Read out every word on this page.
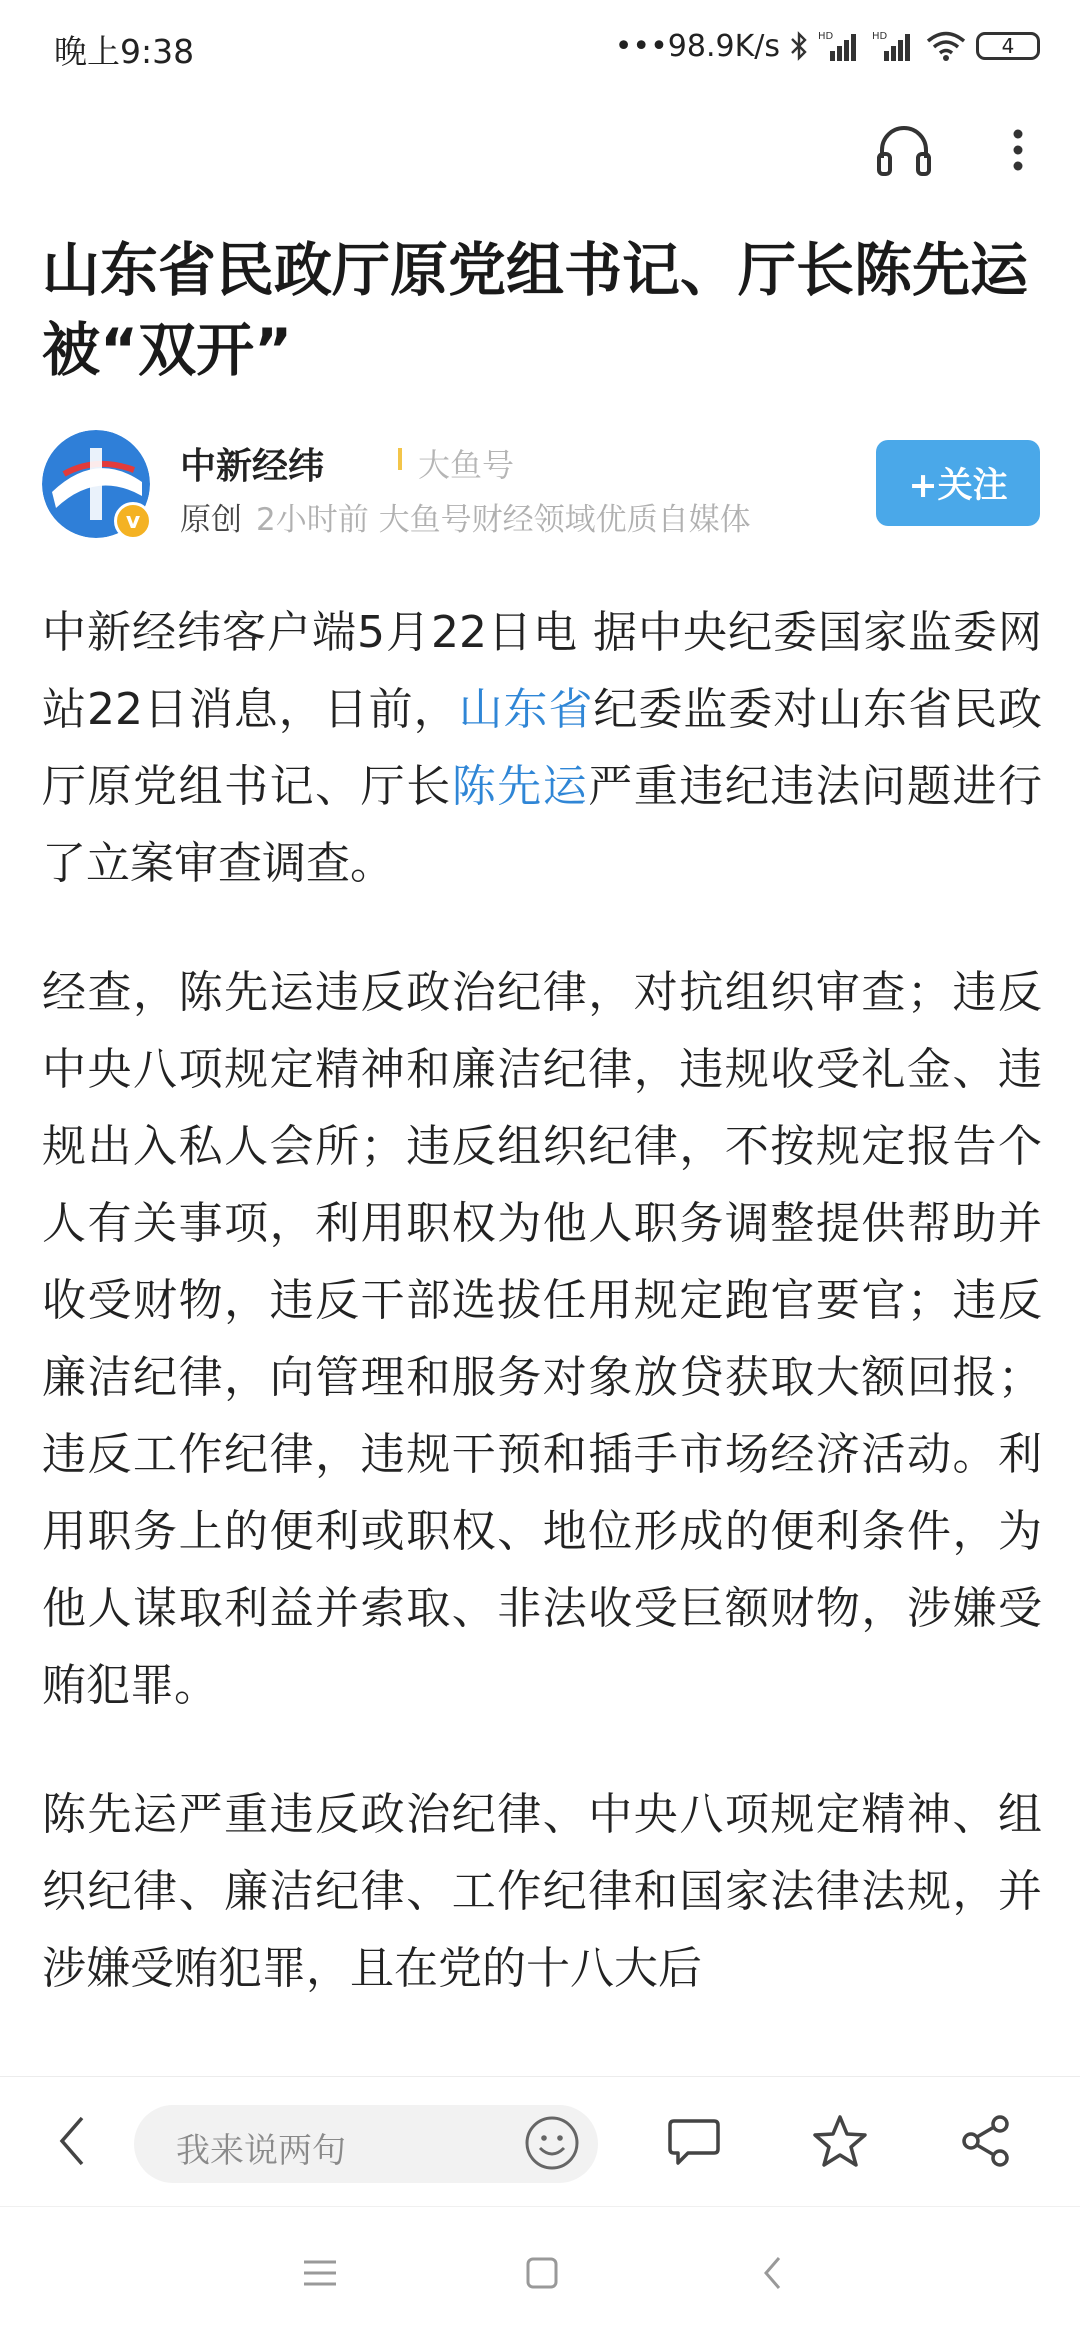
晚上9:38	•••98.9K/s	HD	HD	4
山东省民政厅原党组书记、厅长陈先运被“双开”
v
中新经纬	大鱼号
原创 2小时前 大鱼号财经领域优质自媒体
+关注

中新经纬客户端5月22日电 据中央纪委国家监委网站22日消息，日前，山东省纪委监委对山东省民政厅原党组书记、厅长陈先运严重违纪违法问题进行了立案审查调查。

经查，陈先运违反政治纪律，对抗组织审查；违反中央八项规定精神和廉洁纪律，违规收受礼金、违规出入私人会所；违反组织纪律，不按规定报告个人有关事项，利用职权为他人职务调整提供帮助并收受财物，违反干部选拔任用规定跑官要官；违反廉洁纪律，向管理和服务对象放贷获取大额回报；违反工作纪律，违规干预和插手市场经济活动。利用职务上的便利或职权、地位形成的便利条件，为他人谋取利益并索取、非法收受巨额财物，涉嫌受贿犯罪。

陈先运严重违反政治纪律、中央八项规定精神、组织纪律、廉洁纪律、工作纪律和国家法律法规，并涉嫌受贿犯罪，且在党的十八大后

我来说两句
